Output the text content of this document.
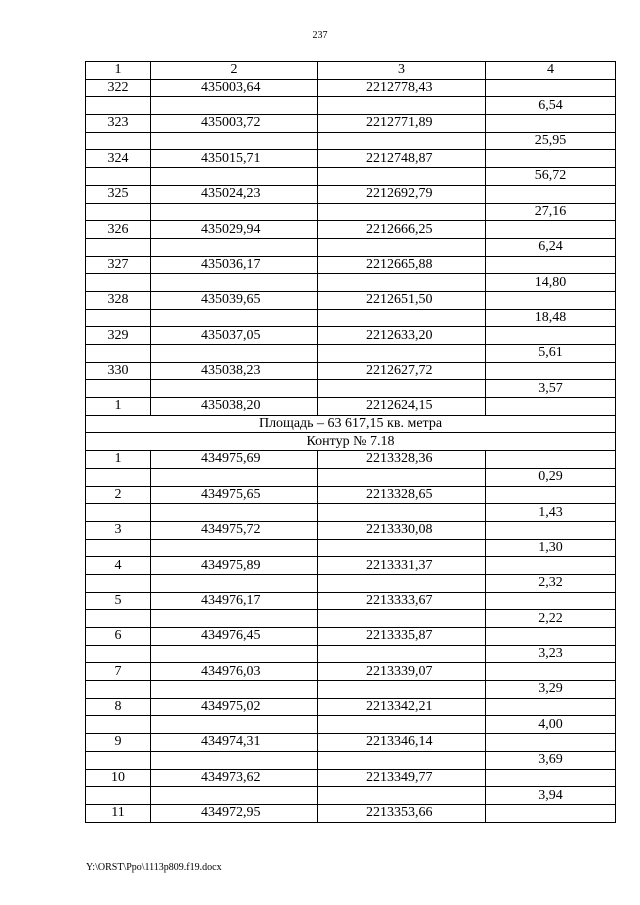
237
1	2	3	4
322	435003,64	2212778,43	
			6,54
323	435003,72	2212771,89	
			25,95
324	435015,71	2212748,87	
			56,72
325	435024,23	2212692,79	
			27,16
326	435029,94	2212666,25	
			6,24
327	435036,17	2212665,88	
			14,80
328	435039,65	2212651,50	
			18,48
329	435037,05	2212633,20	
			5,61
330	435038,23	2212627,72	
			3,57
1	435038,20	2212624,15	
Площадь – 63 617,15 кв. метра			
Контур № 7.18			
1	434975,69	2213328,36	
			0,29
2	434975,65	2213328,65	
			1,43
3	434975,72	2213330,08	
			1,30
4	434975,89	2213331,37	
			2,32
5	434976,17	2213333,67	
			2,22
6	434976,45	2213335,87	
			3,23
7	434976,03	2213339,07	
			3,29
8	434975,02	2213342,21	
			4,00
9	434974,31	2213346,14	
			3,69
10	434973,62	2213349,77	
			3,94
11	434972,95	2213353,66	
Y:\ORST\Ppo\1113p809.f19.docx
